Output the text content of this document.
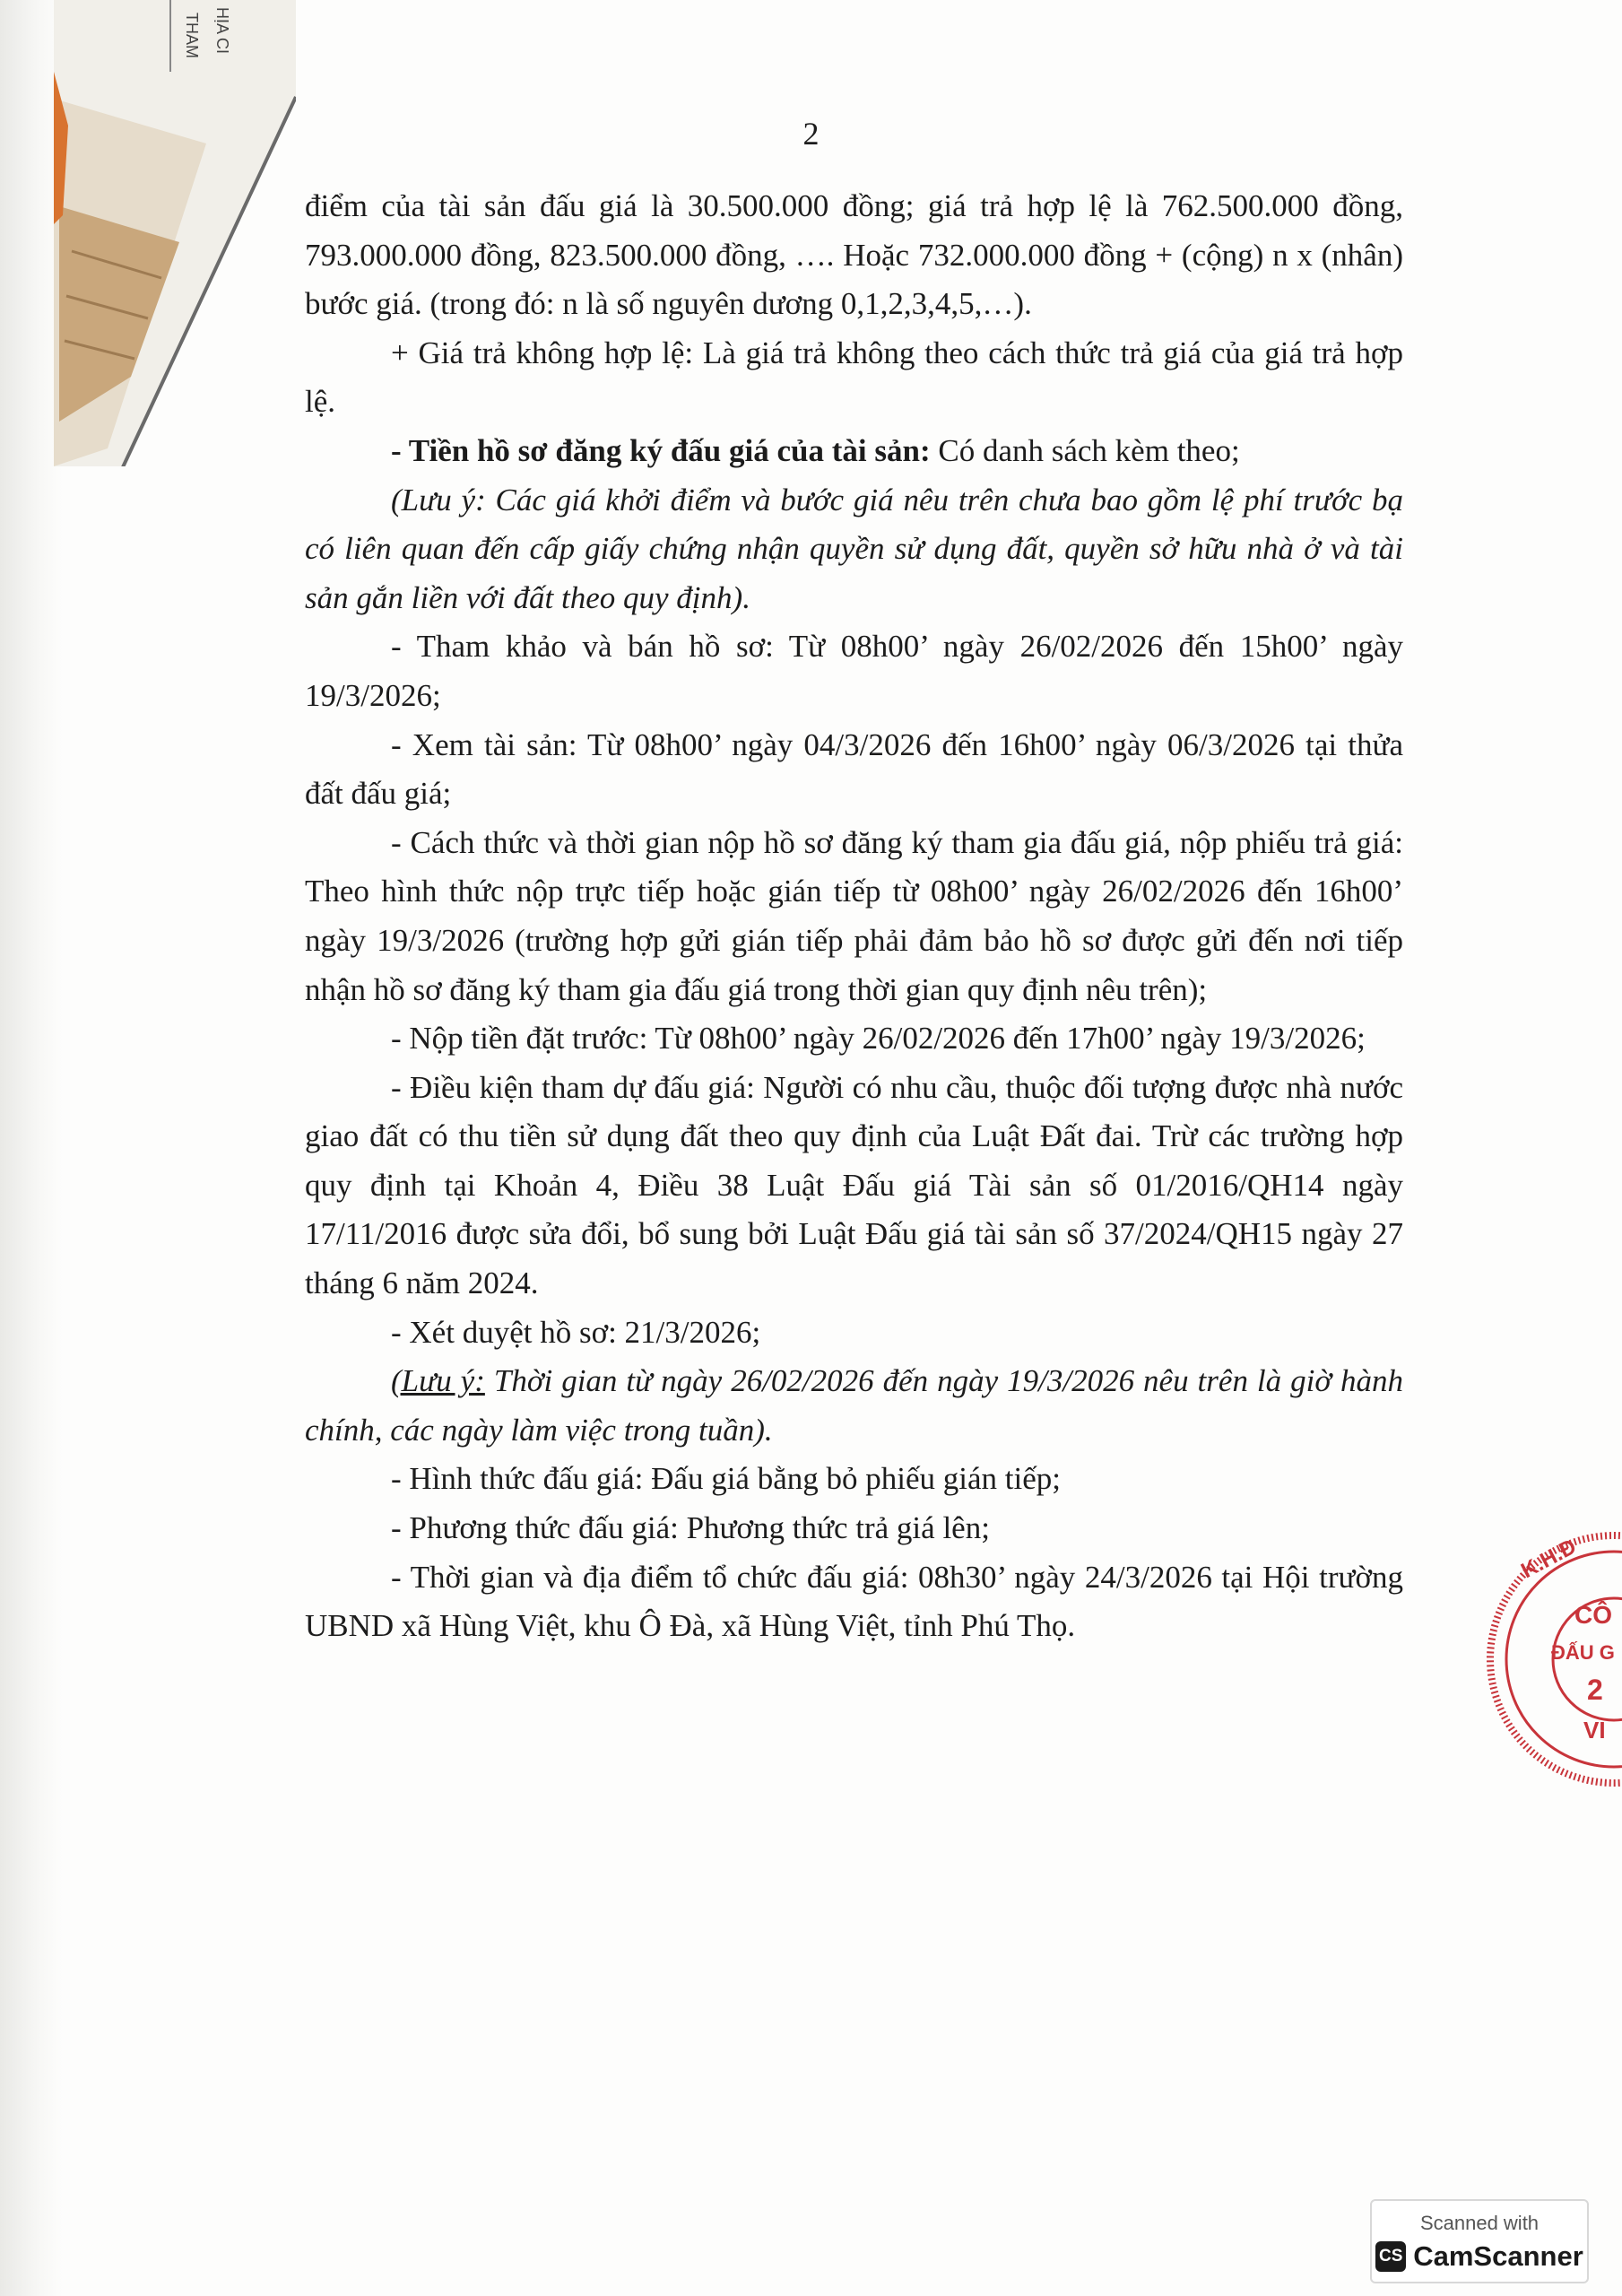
THAM HỊA CI
2

điểm của tài sản đấu giá là 30.500.000 đồng; giá trả hợp lệ là 762.500.000 đồng, 793.000.000 đồng, 823.500.000 đồng, …. Hoặc 732.000.000 đồng + (cộng) n x (nhân) bước giá. (trong đó: n là số nguyên dương 0,1,2,3,4,5,…).

+ Giá trả không hợp lệ: Là giá trả không theo cách thức trả giá của giá trả hợp lệ.

- Tiền hồ sơ đăng ký đấu giá của tài sản: Có danh sách kèm theo;

(Lưu ý: Các giá khởi điểm và bước giá nêu trên chưa bao gồm lệ phí trước bạ có liên quan đến cấp giấy chứng nhận quyền sử dụng đất, quyền sở hữu nhà ở và tài sản gắn liền với đất theo quy định).

- Tham khảo và bán hồ sơ: Từ 08h00’ ngày 26/02/2026 đến 15h00’ ngày 19/3/2026;

- Xem tài sản: Từ 08h00’ ngày 04/3/2026 đến 16h00’ ngày 06/3/2026 tại thửa đất đấu giá;

- Cách thức và thời gian nộp hồ sơ đăng ký tham gia đấu giá, nộp phiếu trả giá: Theo hình thức nộp trực tiếp hoặc gián tiếp từ 08h00’ ngày 26/02/2026 đến 16h00’ ngày 19/3/2026 (trường hợp gửi gián tiếp phải đảm bảo hồ sơ được gửi đến nơi tiếp nhận hồ sơ đăng ký tham gia đấu giá trong thời gian quy định nêu trên);

- Nộp tiền đặt trước: Từ 08h00’ ngày 26/02/2026 đến 17h00’ ngày 19/3/2026;

- Điều kiện tham dự đấu giá: Người có nhu cầu, thuộc đối tượng được nhà nước giao đất có thu tiền sử dụng đất theo quy định của Luật Đất đai. Trừ các trường hợp quy định tại Khoản 4, Điều 38 Luật Đấu giá Tài sản số 01/2016/QH14 ngày 17/11/2016 được sửa đổi, bổ sung bởi Luật Đấu giá tài sản số 37/2024/QH15 ngày 27 tháng 6 năm 2024.

- Xét duyệt hồ sơ: 21/3/2026;

(Lưu ý: Thời gian từ ngày 26/02/2026 đến ngày 19/3/2026 nêu trên là giờ hành chính, các ngày làm việc trong tuần).

- Hình thức đấu giá: Đấu giá bằng bỏ phiếu gián tiếp;

- Phương thức đấu giá: Phương thức trả giá lên;

- Thời gian và địa điểm tổ chức đấu giá: 08h30’ ngày 24/3/2026 tại Hội trường UBND xã Hùng Việt, khu Ô Đà, xã Hùng Việt, tỉnh Phú Thọ.

K.H.Đ
CÔ
ĐẤU G
2
VI
Scanned with
CS CamScanner
